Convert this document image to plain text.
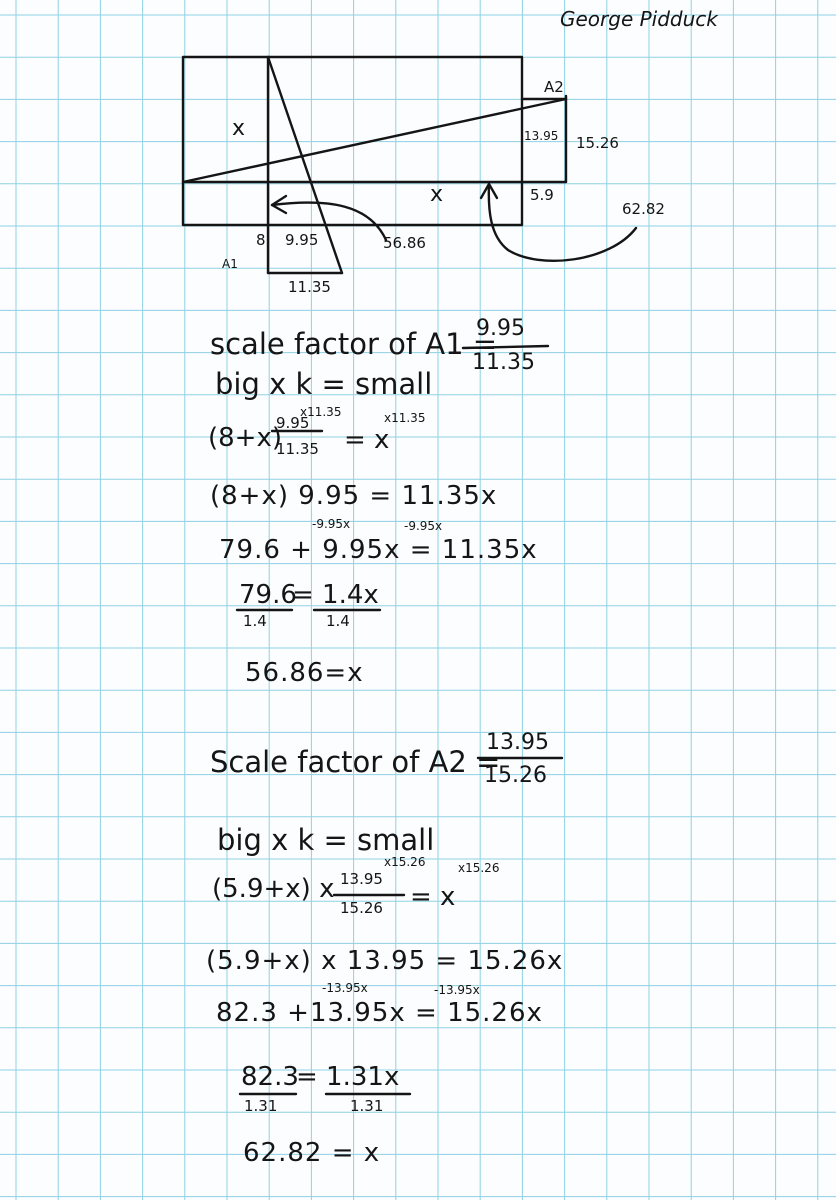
George Pidduck
A2
x	13.95 15.26
x	5.9
62.82
8 9.95	56.86
A1
11.35
scale factor of A1 =
9.95
11.35
big x k = small
x11.35	x11.35
(8+x)
9.95
11.35 = x
(8+x) 9.95 = 11.35x
-9.95x	-9.95x
79.6 + 9.95x = 11.35x
79.6
= 1.4x
1.4	1.4
56.86=x
Scale factor of A2 =
13.95
15.26
big x k = small
x15.26	x15.26
(5.9+x) x 13.95
15.26 = x
(5.9+x) x 13.95 = 15.26x
-13.95x	-13.95x
82.3 +13.95x = 15.26x
82.3
= 1.31x
1.31	1.31
62.82 = x
